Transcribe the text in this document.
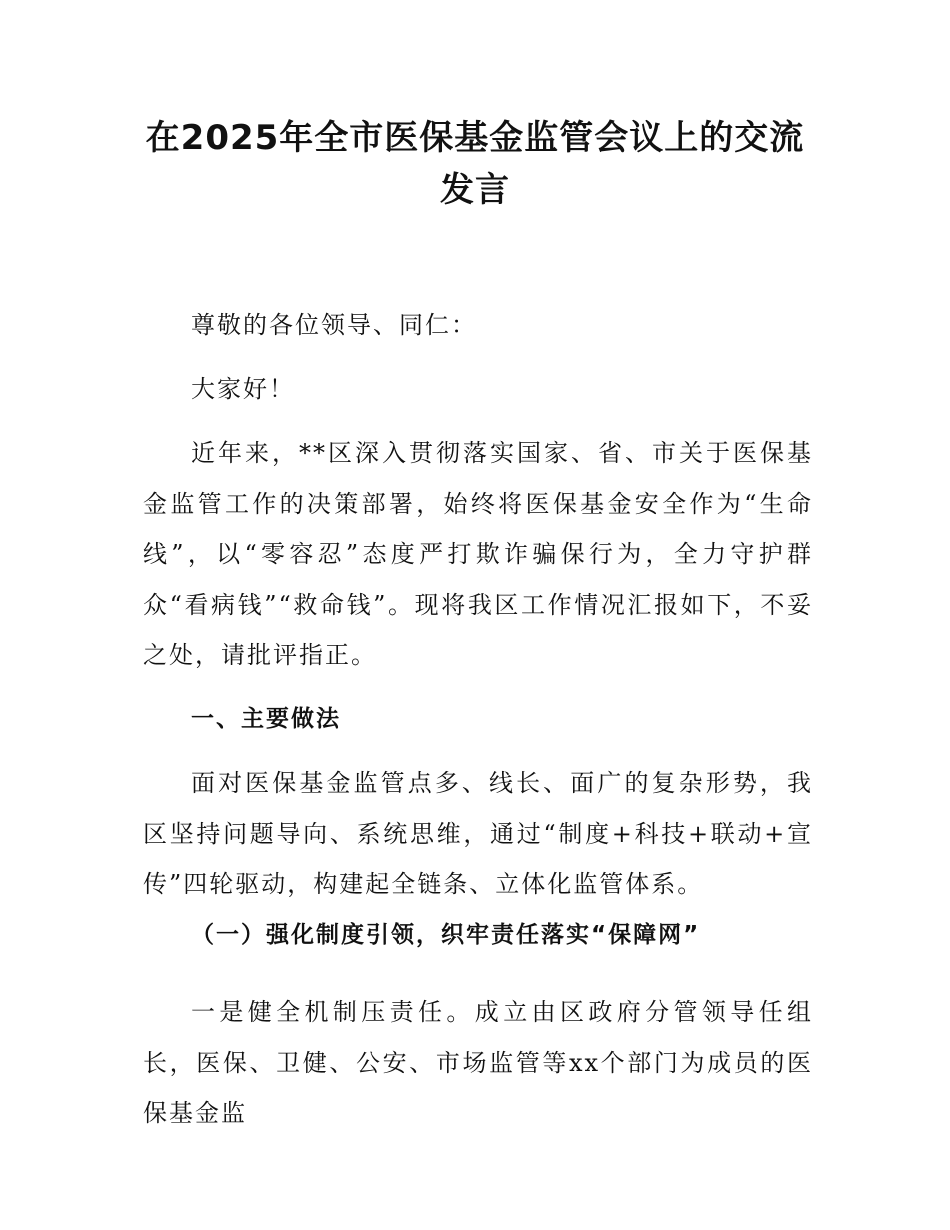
在2025年全市医保基金监管会议上的交流发言

尊敬的各位领导、同仁：

大家好！

近年来，**区深入贯彻落实国家、省、市关于医保基金监管工作的决策部署，始终将医保基金安全作为“生命线”，以“零容忍”态度严打欺诈骗保行为，全力守护群众“看病钱”“救命钱”。现将我区工作情况汇报如下，不妥之处，请批评指正。

一、主要做法

面对医保基金监管点多、线长、面广的复杂形势，我区坚持问题导向、系统思维，通过“制度+科技+联动+宣传”四轮驱动，构建起全链条、立体化监管体系。

（一）强化制度引领，织牢责任落实“保障网”

一是健全机制压责任。成立由区政府分管领导任组长，医保、卫健、公安、市场监管等xx个部门为成员的医保基金监
